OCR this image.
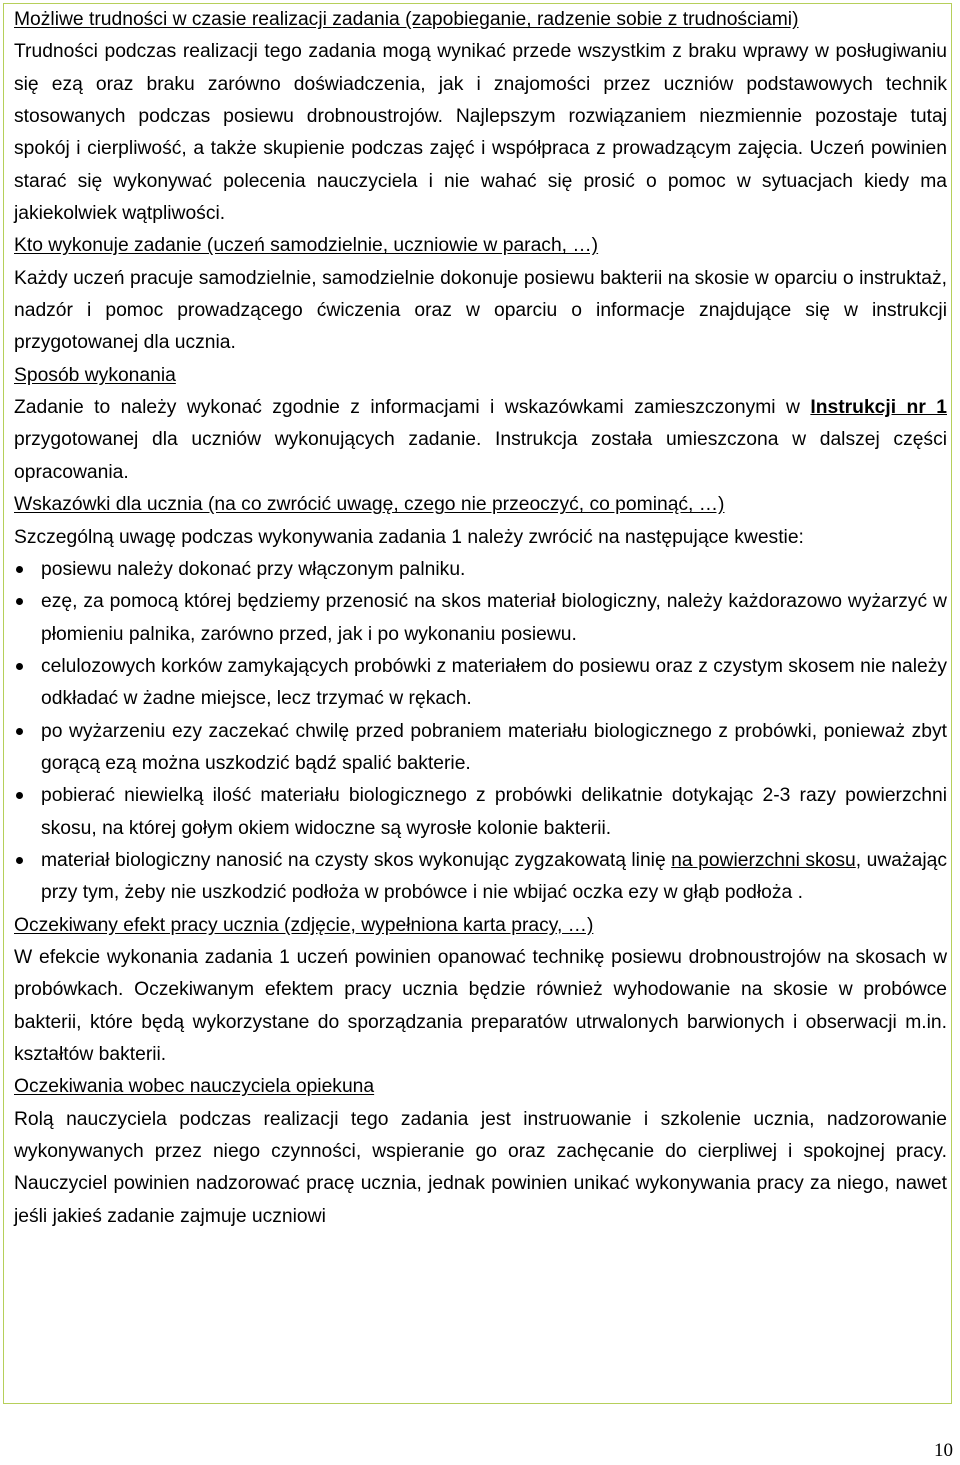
Możliwe trudności w czasie realizacji zadania (zapobieganie, radzenie sobie z trudnościami)

Trudności podczas realizacji tego zadania mogą wynikać przede wszystkim z braku wprawy w posługiwaniu się ezą oraz braku zarówno doświadczenia, jak i znajomości przez uczniów podstawowych technik stosowanych podczas posiewu drobnoustrojów. Najlepszym rozwiązaniem niezmiennie pozostaje tutaj spokój i cierpliwość, a także skupienie podczas zajęć i współpraca z prowadzącym zajęcia. Uczeń powinien starać się wykonywać polecenia nauczyciela i nie wahać się prosić o pomoc w sytuacjach kiedy ma jakiekolwiek wątpliwości.

Kto wykonuje zadanie (uczeń samodzielnie, uczniowie w parach, …)

Każdy uczeń pracuje samodzielnie, samodzielnie dokonuje posiewu bakterii na skosie w oparciu o instruktaż, nadzór i pomoc prowadzącego ćwiczenia oraz w oparciu o informacje znajdujące się w instrukcji przygotowanej dla ucznia.

Sposób wykonania

Zadanie to należy wykonać zgodnie z informacjami i wskazówkami zamieszczonymi w Instrukcji nr 1 przygotowanej dla uczniów wykonujących zadanie. Instrukcja została umieszczona w dalszej części opracowania.

Wskazówki dla ucznia (na co zwrócić uwagę, czego nie przeoczyć, co pominąć, …)

Szczególną uwagę podczas wykonywania zadania 1 należy zwrócić na następujące kwestie:

posiewu należy dokonać przy włączonym palniku.
ezę, za pomocą której będziemy przenosić na skos materiał biologiczny, należy każdorazowo wyżarzyć w płomieniu palnika, zarówno przed, jak i po wykonaniu posiewu.
celulozowych korków zamykających probówki z materiałem do posiewu oraz z czystym skosem nie należy odkładać w żadne miejsce, lecz trzymać w rękach.
po wyżarzeniu ezy zaczekać chwilę przed pobraniem materiału biologicznego z probówki, ponieważ zbyt gorącą ezą można uszkodzić bądź spalić bakterie.
pobierać niewielką ilość materiału biologicznego z probówki delikatnie dotykając 2-3 razy powierzchni skosu, na której gołym okiem widoczne są wyrosłe kolonie bakterii.
materiał biologiczny nanosić na czysty skos wykonując zygzakowatą linię na powierzchni skosu, uważając przy tym, żeby nie uszkodzić podłoża w probówce i nie wbijać oczka ezy w głąb podłoża .

Oczekiwany efekt pracy ucznia (zdjęcie, wypełniona karta pracy, …)

W efekcie wykonania zadania 1 uczeń powinien opanować technikę posiewu drobnoustrojów na skosach w probówkach. Oczekiwanym efektem pracy ucznia będzie również wyhodowanie na skosie w probówce bakterii, które będą wykorzystane do sporządzania preparatów utrwalonych barwionych i obserwacji m.in. kształtów bakterii.

Oczekiwania wobec nauczyciela opiekuna

Rolą nauczyciela podczas realizacji tego zadania jest instruowanie i szkolenie ucznia, nadzorowanie wykonywanych przez niego czynności, wspieranie go oraz zachęcanie do cierpliwej i spokojnej pracy. Nauczyciel powinien nadzorować pracę ucznia, jednak powinien unikać wykonywania pracy za niego, nawet jeśli jakieś zadanie zajmuje uczniowi

10
